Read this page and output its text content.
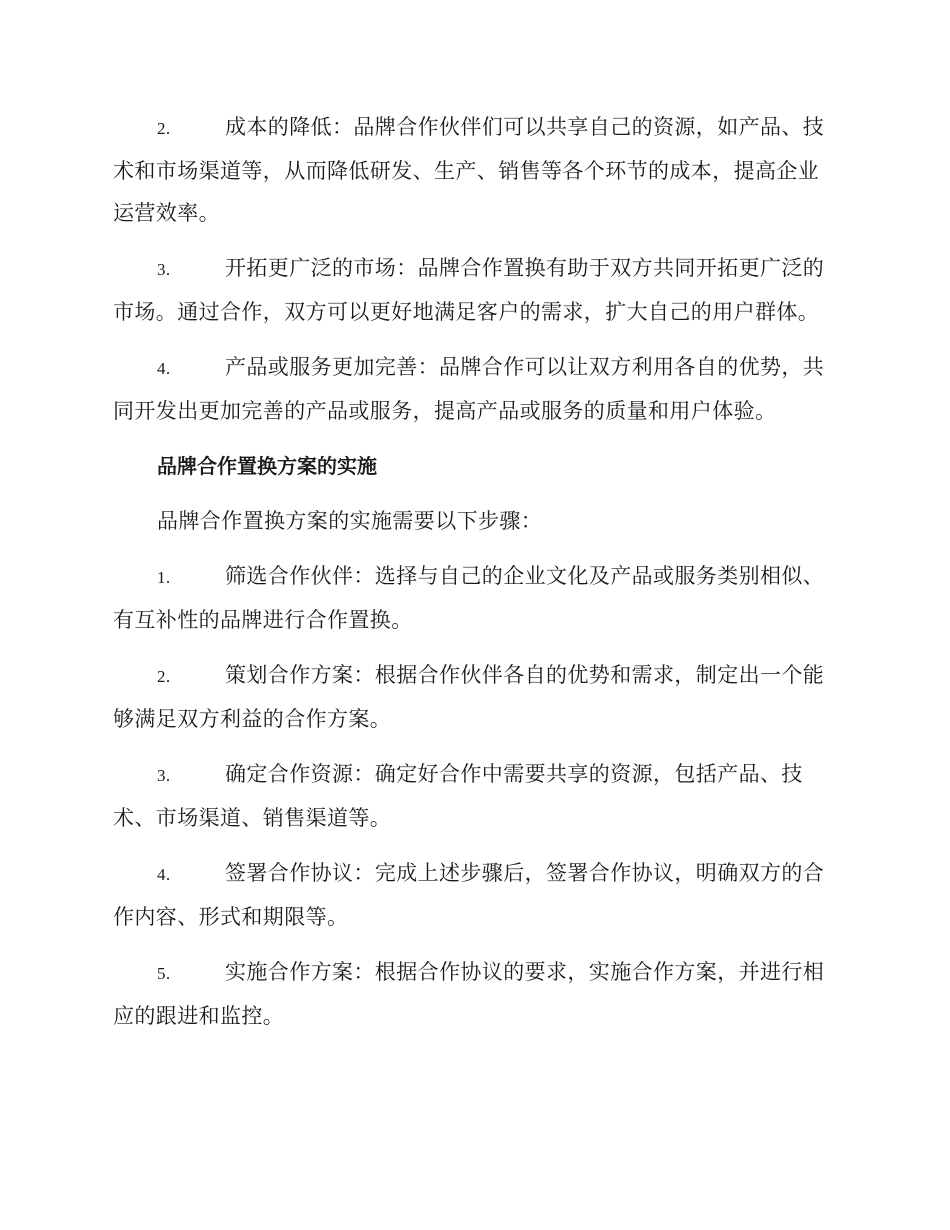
2.	成本的降低：品牌合作伙伴们可以共享自己的资源，如产品、技术和市场渠道等，从而降低研发、生产、销售等各个环节的成本，提高企业运营效率。

3.	开拓更广泛的市场：品牌合作置换有助于双方共同开拓更广泛的市场。通过合作，双方可以更好地满足客户的需求，扩大自己的用户群体。

4.	产品或服务更加完善：品牌合作可以让双方利用各自的优势，共同开发出更加完善的产品或服务，提高产品或服务的质量和用户体验。

品牌合作置换方案的实施

品牌合作置换方案的实施需要以下步骤：

1.	筛选合作伙伴：选择与自己的企业文化及产品或服务类别相似、有互补性的品牌进行合作置换。

2.	策划合作方案：根据合作伙伴各自的优势和需求，制定出一个能够满足双方利益的合作方案。

3.	确定合作资源：确定好合作中需要共享的资源，包括产品、技术、市场渠道、销售渠道等。

4.	签署合作协议：完成上述步骤后，签署合作协议，明确双方的合作内容、形式和期限等。

5.	实施合作方案：根据合作协议的要求，实施合作方案，并进行相应的跟进和监控。
